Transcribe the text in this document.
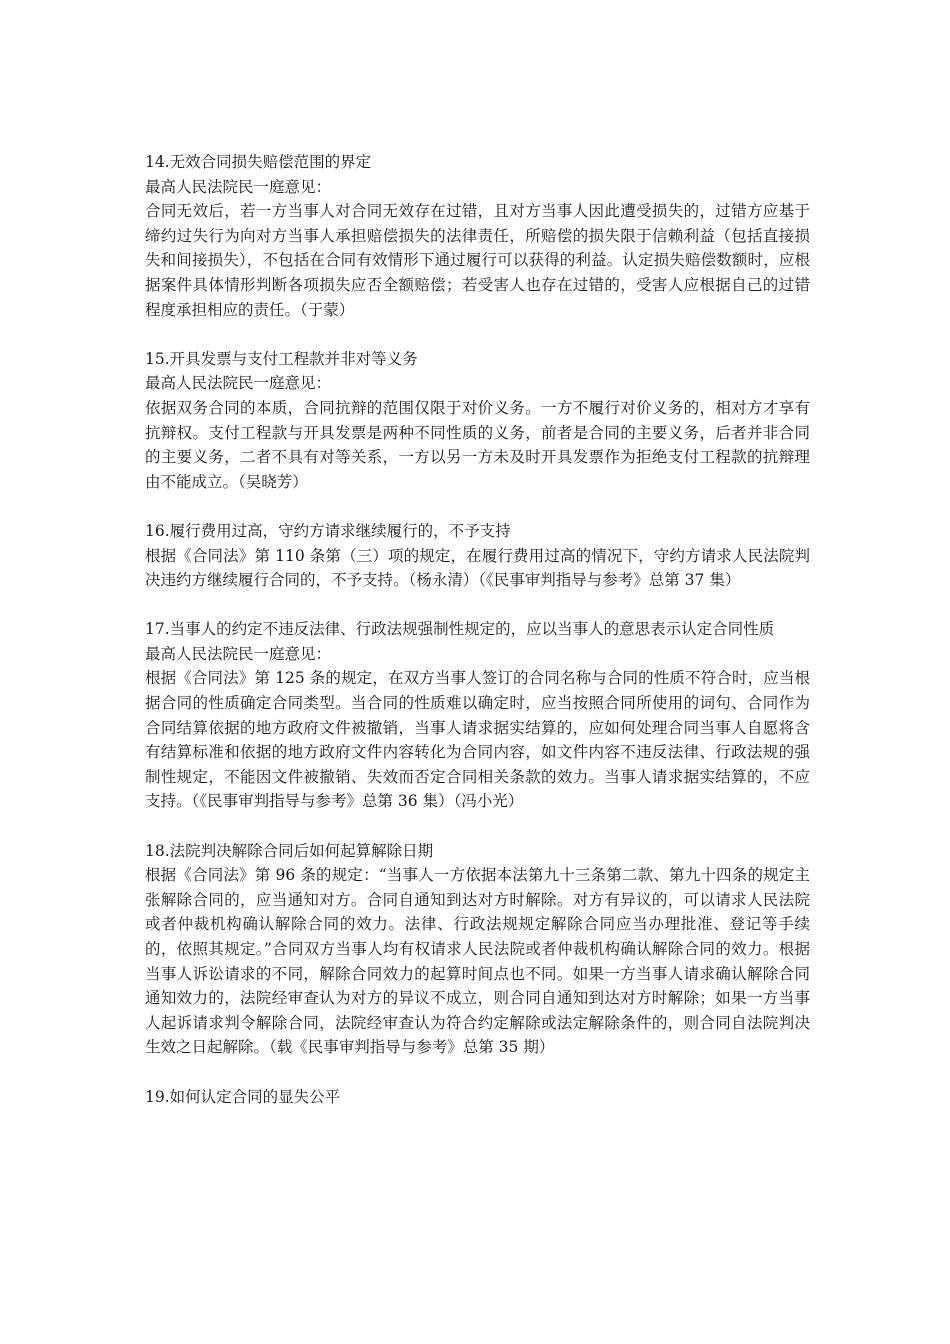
14.无效合同损失赔偿范围的界定

最高人民法院民一庭意见：

合同无效后，若一方当事人对合同无效存在过错，且对方当事人因此遭受损失的，过错方应基于缔约过失行为向对方当事人承担赔偿损失的法律责任，所赔偿的损失限于信赖利益（包括直接损失和间接损失），不包括在合同有效情形下通过履行可以获得的利益。认定损失赔偿数额时，应根据案件具体情形判断各项损失应否全额赔偿；若受害人也存在过错的，受害人应根据自己的过错程度承担相应的责任。（于蒙）

15.开具发票与支付工程款并非对等义务

最高人民法院民一庭意见：

依据双务合同的本质，合同抗辩的范围仅限于对价义务。一方不履行对价义务的，相对方才享有抗辩权。支付工程款与开具发票是两种不同性质的义务，前者是合同的主要义务，后者并非合同的主要义务，二者不具有对等关系，一方以另一方未及时开具发票作为拒绝支付工程款的抗辩理由不能成立。（吴晓芳）

16.履行费用过高，守约方请求继续履行的，不予支持

根据《合同法》第 110 条第（三）项的规定，在履行费用过高的情况下，守约方请求人民法院判决违约方继续履行合同的，不予支持。（杨永清）（《民事审判指导与参考》总第 37 集）

17.当事人的约定不违反法律、行政法规强制性规定的，应以当事人的意思表示认定合同性质

最高人民法院民一庭意见：

根据《合同法》第 125 条的规定，在双方当事人签订的合同名称与合同的性质不符合时，应当根据合同的性质确定合同类型。当合同的性质难以确定时，应当按照合同所使用的词句、合同作为合同结算依据的地方政府文件被撤销，当事人请求据实结算的，应如何处理合同当事人自愿将含有结算标准和依据的地方政府文件内容转化为合同内容，如文件内容不违反法律、行政法规的强制性规定，不能因文件被撤销、失效而否定合同相关条款的效力。当事人请求据实结算的，不应支持。（《民事审判指导与参考》总第 36 集）（冯小光）

18.法院判决解除合同后如何起算解除日期

根据《合同法》第 96 条的规定：“当事人一方依据本法第九十三条第二款、第九十四条的规定主张解除合同的，应当通知对方。合同自通知到达对方时解除。对方有异议的，可以请求人民法院或者仲裁机构确认解除合同的效力。法律、行政法规规定解除合同应当办理批准、登记等手续的，依照其规定。”合同双方当事人均有权请求人民法院或者仲裁机构确认解除合同的效力。根据当事人诉讼请求的不同，解除合同效力的起算时间点也不同。如果一方当事人请求确认解除合同通知效力的，法院经审查认为对方的异议不成立，则合同自通知到达对方时解除；如果一方当事人起诉请求判令解除合同，法院经审查认为符合约定解除或法定解除条件的，则合同自法院判决生效之日起解除。（载《民事审判指导与参考》总第 35 期）

19.如何认定合同的显失公平
